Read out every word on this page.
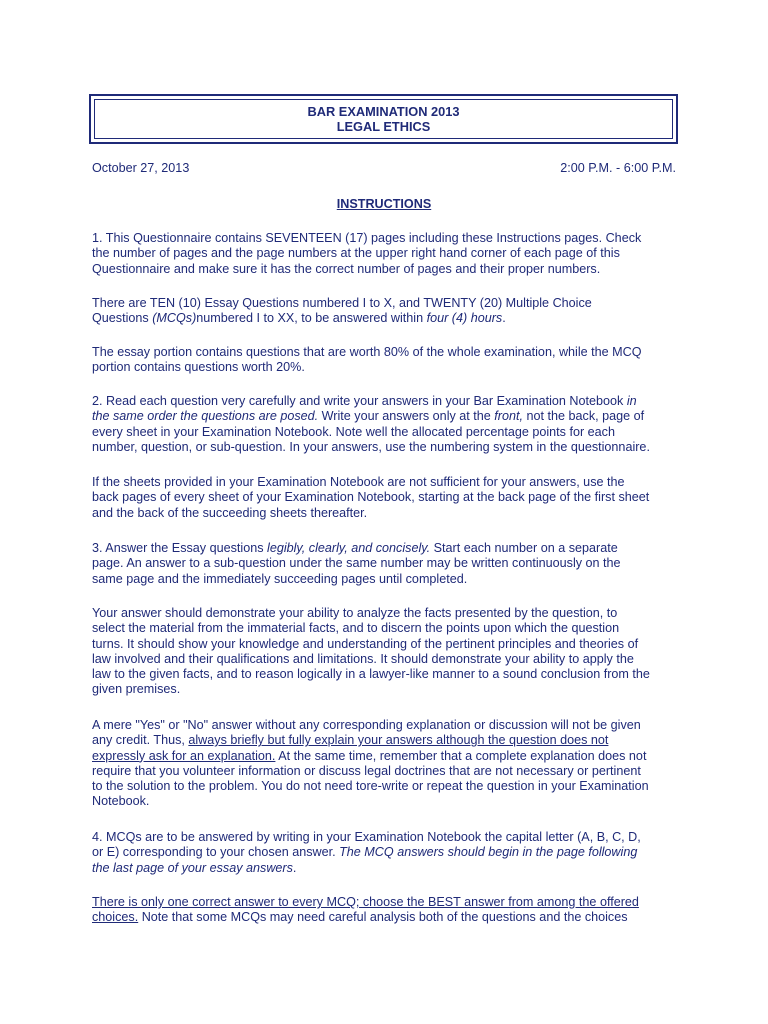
BAR EXAMINATION 2013
LEGAL ETHICS
October 27, 2013	2:00 P.M. - 6:00 P.M.
INSTRUCTIONS
1. This Questionnaire contains SEVENTEEN (17) pages including these Instructions pages. Check
the number of pages and the page numbers at the upper right hand corner of each page of this
Questionnaire and make sure it has the correct number of pages and their proper numbers.
There are TEN (10) Essay Questions numbered I to X, and TWENTY (20) Multiple Choice
Questions (MCQs)numbered I to XX, to be answered within four (4) hours.
The essay portion contains questions that are worth 80% of the whole examination, while the MCQ
portion contains questions worth 20%.
2. Read each question very carefully and write your answers in your Bar Examination Notebook in
the same order the questions are posed. Write your answers only at the front, not the back, page of
every sheet in your Examination Notebook. Note well the allocated percentage points for each
number, question, or sub-question. In your answers, use the numbering system in the questionnaire.
If the sheets provided in your Examination Notebook are not sufficient for your answers, use the
back pages of every sheet of your Examination Notebook, starting at the back page of the first sheet
and the back of the succeeding sheets thereafter.
3. Answer the Essay questions legibly, clearly, and concisely. Start each number on a separate
page. An answer to a sub-question under the same number may be written continuously on the
same page and the immediately succeeding pages until completed.
Your answer should demonstrate your ability to analyze the facts presented by the question, to
select the material from the immaterial facts, and to discern the points upon which the question
turns. It should show your knowledge and understanding of the pertinent principles and theories of
law involved and their qualifications and limitations. It should demonstrate your ability to apply the
law to the given facts, and to reason logically in a lawyer-like manner to a sound conclusion from the
given premises.
A mere "Yes" or "No" answer without any corresponding explanation or discussion will not be given
any credit. Thus, always briefly but fully explain your answers although the question does not
expressly ask for an explanation. At the same time, remember that a complete explanation does not
require that you volunteer information or discuss legal doctrines that are not necessary or pertinent
to the solution to the problem. You do not need tore-write or repeat the question in your Examination
Notebook.
4. MCQs are to be answered by writing in your Examination Notebook the capital letter (A, B, C, D,
or E) corresponding to your chosen answer. The MCQ answers should begin in the page following
the last page of your essay answers.
There is only one correct answer to every MCQ; choose the BEST answer from among the offered
choices. Note that some MCQs may need careful analysis both of the questions and the choices
